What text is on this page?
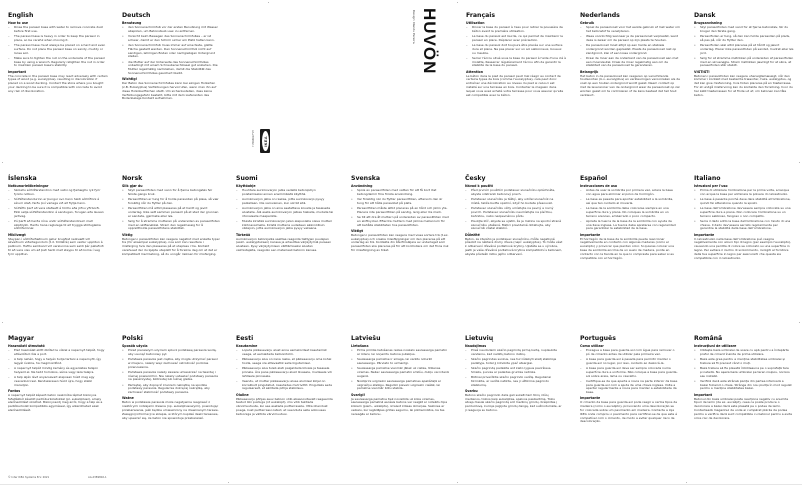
English
How to use
– Rinse the parasol base with water to remove concrete dust before first use.
– The parasol base is heavy in order to keep the parasol in place, so be careful when moving it.
– The parasol base must always be placed on a hard and even surface. Do not place the parasol base on sandy, muddy or loose soil.
– Make sure to tighten the nut on the underside of the parasol base by using a wrench. Regularly retighten the nut in order to maintain parasol base's stability.
Important

The concrete in the parasol base may react adversely with certain types of wood (e.g. eucalyptus), resulting in discoloration if placed on a wood decking. Contact the store where you bought your decking to be sure it is compatible with concrete to avoid any risk of discoloration.

Deutsch
Benutzung
• den Sonnenschirmfuß vor der ersten Benutzung mit Wasser abspülen, um Betonstaub usw. zu entfernen.
• Vorsicht beim Bewegen des Sonnenschirmfußes – er ist schwer, damit er den Schirm sicher am Platz halten kann.
• den Sonnenschirmfuß muss immer auf eine feste, glatte Fläche gestellt werden. Den Sonnenschirmfuß nicht auf sandigen, lehmigen Boden oder nachgiebigen Untergrund stellen.
• die Mutter auf der Unterseite des Sonnenschirmfußes unbedingt mit einem Schraubenschlüssel gut anziehen. Die Mutter regelmäßig nachziehen, damit die Stabilität des Sonnenschirmfußes gesichert bleibt.
Wichtig!

Der Beton des Sonnenschirmfußes kann bei einigen Holzarten (z.B. Eukalyptus) Verfärbungen hervorrufen, wenn man ihn auf diese Holzoberflächen stellt. Um sicherzustellen, dass keine Verfärbungsgefahr besteht, bitte mit dem Lieferanten des Bodenbelags Kontakt aufnehmen.

AA-2389802-1 IKEA
Design: Nandu Pereira HUVÖN	Français
Utilisation
– Rincer la base du parasol à l'eau pour retirer la poussière de béton avant la première utilisation.
– La base du parasol est lourde, ce qui permet de maintenir le parasol en place. Déplacer avec précaution.
– La base du parasol doit toujours être placée sur une surface dure et plane. Ne pas placer sur un sol sablonneux, boueux ou meuble.
– Serrer l'écrou situé sous la base du parasol à l'aide d'une clé à molette. Resserrer régulièrement l'écrou afin de garantir la stabilité de la base du parasol.
Attention

Le béton dans le pied de parasol peut mal réagir au contact de certains types de bois (comme l'eucalyptus), cela peut donc entraîner une décoloration au niveau du pied si celui-ci est installé sur une terrasse en bois. Contacter le magasin dans lequel vous avez acheté votre terrasse pour vous assurer qu'elle est compatible avec le béton.

Nederlands
Gebruik
– Spoel de parasolvoet voor het eerste gebruik af met water om het betonstof te verwijderen.
– Wees voorzichtig wanneer je de parasolvoet verplaatst, want deze is zwaar om de parasol op zijn plaats te houden.
– De parasolvoet moet altijd op een harde en stabiele ondergrond worden geplaatst. Plaats de parasolvoet niet op zandgrond, klei of een losse ondergrond.
– Draai de moer aan de onderkant van de parasolvoet aan met een moersleutel. Draai de moer regelmatig aan om de stabiliteit van de parasolvoet te garanderen.
Belangrijk

Het beton in de parasolvoet kan reageren op verschillende houtsoorten (b.v. eucalyptus) en verkleuringen veroorzaken als de voet op een houten ondergrond wordt gezet. Neem contact op met de leverancier van de ondergrond waar de parasolvoet op zal worden gezet om te controleren of de kans bestaat dat het hout verkleurt.

Dansk
Brugsanvisning
• Skyl parasolfoden med vand for at fjerne betonstøv, før du bruger den første gang.
• Parasolfoden er tung, så den kan holde parasollen på plads, så pas på, når du flytter den.
• Parasolfoden skal altid placeres på et hårdt og jævnt underlag. Placer ikke parasolfoden på sandet, mudret eller løs jord.
• Sørg for at stramme møtrikken på undersiden af parasolfoden med en skruenøgle. Stram møtrikken jævnligt for at sikre, at parasolfoden står stabilt.
VIGTIGT!

Betonen i parasolfoden kan reagere uhensigtsmæssigt, når den kommer i kontakt med bestemte træsorter, f.eks. eukalyptus, og det kan give misfarvning, hvis foden placeres på en træterrasse. For at undgå misfarvning kan du kontakte den forretning, hvor du har købt træterrassen for at finde ud af, om betonen kan tåle beton.

Íslenska
Notkunarleiðbeiningar
– Skolaðu sólhlífarstandinn með vatni og fjarlægðu ryk fyrir fyrstu notkun.
– Sólhlífarstandurinn er þungur svo hann haldi sólhlífinni á sínum stað, farðu því varlega við að flytja hann.
– Sólhlífin þarf að vera staðsett á hörðu eða jöfnu yfirborði. Ekki setja sólhlífarstandinn á sandugan, forugan eða lausan jarðveg.
– Þú þarft að herða róna undir sólhlífarstandinum með skiptilykli. Herðu hana reglulega til að tryggja stöðugleika sólhlífarinnar.
Mikilvægt

Steypan í sólhlífarfætinum getur brugðist neikvætt við ákveðnum viðartegundum (t.d. tröllatré) sem veldur upplitun á pallinum. Hafðu samband við verslunina sem seldi þér pallefnið til að vera viss um að það henti með steypu til að koma í veg fyrir upplitun.

Norsk
Slik gjør du
• Skyll parasollfoten med vann for å fjerne betongstøv før første gangs bruk.
• Parasollfoten er tung for å holde parasollen på plass, så vær forsiktig når du flytter på den.
• Parasollfoten må alltid plasseres på et hardt og jevnt underlag. Ikke sett sammen parasoll på et sted der grunnen er sandete, gjørmete eller løs.
• Sørg for å stramme mutteren på undersiden av parasollfoten med en skiftenøkkel. Stram den regelmessig for å opprettholde parasollfotens stabilitet.
Viktig

Betongen i parasollfoten kan reagere negativt med enkelte typer tre (for eksempel eukalyptus), noe som kan resultere i misfarging hvis den plasseres på et uteplass i tre. Kontakt varehuset der du kjøpte uteplatt for å forsikre deg om at det er kompatibelt med betong, så du unngår risikoen for misfarging.

Suomi
Käyttöohje
– Huuhtele aurinkovarjon jalka vedellä betonipölyn poistamiseksi ennen ensimmäistä käyttöä.
– Aurinkovarjon jalka on raskas, jotta aurinkovarjo pysyy paikallaan. Ole varovainen, kun siirrät sitä.
– Aurinkovarjon jalka on aina asetettava kovalle ja tasaiselle alustalle. Älä aseta aurinkovarjon jalkaa hiekalle, mudalle tai irtonaiselle maaperälle.
– Muista kiristää aurinkovarjon jalan alapuolella oleva mutteri kiintoavaimella. Kiristä mutteria uudelleen säännöllisin väliajoin, jotta aurinkovarjon jalka pysyy vakaana.
Tärkeää

Aurinkovarjon betonijalka saattaa reagoida tiettyjen puulajien (esim. eukalyptuksen) kanssa ja aiheuttaa värjäytymiä puiseen alustaan. Kysy värjäytymisen välttämiseksi alustan valmistajalta, reagoiko sen materiaali betonin kanssa.

Svenska
Användning
• Spola av parasollfoten med vatten för att få bort löst betongdamm före första användning.
• Var försiktig när du flyttar parasollfoten, eftersom den är tung för att hålla parasollet på plats.
• Parasollfoten måste alltid placeras på en hård och jämn yta. Placera inte parasollfoten på sandig, lerig eller lös mark.
• Se till att dra åt muttern på undersidan av parasollfoten med en skiftnyckel. Efterdra muttern med jämna mellanrum för att behålla stabiliteten hos parasollfoten.
Viktigt

Betongen i parasollfoten kan reagera med vissa sorters trä (t.ex. eukalyptus) och orsaka missfärgningar om den placeras på ett underlag av trä. Kontakta din återförsäljare av underlaget som parasollfoten ska placeras på för att kontrollera om det finns risk för missfärgning av träet.

Česky
Návod k použití
– Před prvním použitím podstavec slunečníku opláchněte, abyste odstranili betonový prach.
– Podstavec slunečníku je těžký, aby udržel slunečník na místě, takže buďte opatrní, když ho budete přesouvat.
– Podstavec slunečníku vždy umísťujte na pevný a rovný povrch. Podstavec slunečníku neumísťujte na písčitou, bahnitou, nebo nezpevněnou půdu.
– Pouzijte klíč, abyste se ujistili, že je matice na spodní straně slunečníku utažená. Matici pravidelně dotahujte, aby slunečník zůstal stabilní.
Důležité

Beton, ze kterého je podstavec slunečníku, může negativně působit na některé druhy dřeva (např. eukalyptus). To může vést k odbarvení dřevěné podlahové krytiny. Ujistěte se u výrobce, jestli je vaše dřevěná podlahová krytina kompatibilní s betonem, abyste předešli riziku jejího odbarvení.

Español
Instrucciones de uso
– Antes de usar la sombrilla por primera vez, aclara la base con agua para eliminar el polvo de hormigón.
– La base es pesada para aportar estabilidad a la sombrilla, así que ten cuidado al moverla.
– La base de la sombrilla debe colocarse siempre en una superficie dura y plana. No coloques la sombrilla en un terreno arenoso, embarrado o poco compacto.
– Aprieta la tuerca de la base de la sombrilla con ayuda de una llave inglesa. La tuerca debe apretarse con regularidad para garantizar la estabilidad de la base.
Importante

El hormigón de la base de la sombrilla puede reaccionar negativamente en contacto con algunas maderas (como el eucalipto) y provocar que pierdan color. Si quieres colocar una base de sombrilla encima de un suelo de madera, ponte en contacto con la tienda en la que lo compraste para saber si es compatible con el hormigón.

Italiano
Istruzioni per l'uso
• Prima di utilizzare l'ombrellone per la prima volta, sciacqua con acqua la base per eliminare la polvere di calcestruzzo.
• La base è pesante poiché deve dare stabilità all'ombrellone, quindi fai attenzione quando la sposti.
• La base dell'ombrellone dev'essere sempre collocata su una superficie dura e piana. Non collocare l'ombrellone su un terreno sabbioso, fangoso o non compatto.
• Serra il dado sotto la base dell'ombrellone con l'aiuto di una chiave. Il dado dev'essere serrato regolarmente per garantire la stabilità della base dell'ombrellone.
Importante

Il calcestruzzo nella base dell'ombrellone può reagire negativamente con alcuni tipi di legno (per esempio l'eucalipto), causando una perdita di colore se collocato su una superficie in legno. Per evitare il rischio di scolorimento, rivolgiti al fornitore della tua superficie in legno per assicurarti che questa sia compatibile con il calcestruzzo.

Magyar
Használati útmutató
– Első használat előtt öblítsd le vízzel a napernyő talpát, hogy eltávolítsd róla a port.
– A talp nehéz, hogy a helyén tudja tartani a napernyőt, így legyél óvatos, ha megmozdítod.
– A napernyő talpát mindig kemény és egyenletes talajon helyezd el. Ne tedd homokos, sáros vagy laza talajra.
– A talp alján lévő anyacsavart alaposan húzd meg egy csavarkulccsal. Rendszeresen húzd újra, hogy stabil maradjon.
Fontos

A napernyő talpát képező beton reakcióba léphet bizonyos fafajtákból készült padlóburkolatokkal (pl. eukaliptusz), amely elszíneződést okozhat. Bizonyosodj meg arról, hogy a talp és a padlóburkolat kompatibilis egymással, így elkerülheted ezek elszíneződését.

Polski
Sposób użycia
• Przed pierwszym użyciem spłucz podstawę parasola wodą, aby usunąć betonowy pył.
• Podstawa parasola jest ciężka, aby mogła utrzymać parasol w miejscu, należy więc zachować ostrożność podczas przenoszenia.
• Podstawa parasola należy zawsze umieszczać na twardej i równej powierzchni. Nie należy ustawiać podstawy parasola na piaszczystej, błotnistej lub luźnej glebie.
• Pamiętaj, aby dopręcić kluczem nakrętkę na spodzie podstawy parasola. Regularnie dokręcaj nakrętkę, aby zachować stabilność podstawy parasola.
Ważne

Beton w podstawie parasola może negatywnie reagować z niektórymi rodzajami drewna (np. eukaliptusowymi), powodując przebarwienia, jeśli będzie umieszczony na drewnianym tarasie. Zasięgnij informacji w sklepie, w którym kupiłeś deski tarasowe, aby upewnić się, że beton nie spowoduje przebarwień.

Eesti
Kasutamine
– Loputa päikesevarju alust enne esmakordset kasutamist veega, et eemaldada betoonitolm.
– Päikesevarju alus on üsna raske, et päikesevarju oma kohal hoida, seega ole ettevaatlik selle liigutamisel.
– Päikesevarju alus tuleb alati paigaldada kõvale ja tasasele pinnale. Ära pane päikesevarju alust liivasele, mudasele või lahtisele pinnasele.
– Veendu, et mutter päikesevarju aluse alumisel küljel on korralikult pingutatud, kasutades mutrivõtit. Pingutaks seda regulaarselt, et säilitada põhja stabiilsus.
Oluline

Päikesevarju põhjas asuv betoon võib ebasoovitavalt reageerida teatud liiki puiduga (nt eukalüpt), mis võib tekitada värvimuutuste, kui see asetada puitterrassile. Võta ühendust poega, kust puitterrassi ostsid, et veenduda selle sobivuses betooniga ja vältida värvimuutusi.

Latviešu
Lietošana
• Pirms pirmās lietošanas reizes noskalo saulessarga pamatni ar ūdeni, lai noņemtu betona putekļus.
• Saulessarga pamatne ir smaga, lai varētu noturēt saulessargu. Pārvieto to uzmanīgi.
• Saulessarga pamatne vienmēr jāliek uz cietas, līdzenas virsmas. Nelieс saulessarga pamatni smilšu, dubļu vai irdenā augsnē.
• Nostiprini uzgriezni saulessarga pamatnes apakšdaļā ar uzgriežņu atslēgu. Regulāri pievelc uzgriezni ciešāk, lai pamatne vienmēr būtu stabila.
Svarīgi!

Ja saulessarga pamatne tiek novietota uz koka virsmas, saulessarga pamatnē esošais betons var reaģēt ar noteiktu tipa kokiem (piem., eikaliptu), izraisot krāsas izmaiņas. Sazinies ar veikalu, kur iegādājies grīdas segumu, lai pārliecinātos, ka tas nereaģēs ar betonu.

Lietuvių
Naudojimas
– Prieš naudodami skėčio pagrindą pirmą kartą, nuplaukite vandeniu, kad neliktų betono dulkių.
– Skėčio pagrindas sunkus, nes turi išlaikyti skėtį stabilioje padėtyje, todėl jį kilnokite ypač atsargiai.
– Skėčio pagrindą padėkite ant kieto lygaus paviršiaus. Smėlis, purvas ar palaidas gruntas netinka.
– Būtinai priveržkite skėčio pagrindo veržlę. Reguliariai tikrinkite, ar veržlė netikta, nes ji užtikrina pagrindo stabilumą.
Svarbu

Betono skėčio pagrindo dalis gali sukelti tam tikrų rūšių medienos, tokios kaip eukaliptas, spalvos pasikeitimą. Tokiu atveju tiesiai skėčio pagrindą ant medinių grindų. Kreipkitės į parduotuvę, kurioje įsigijote grindų dangą, kad sužinotumėte, ar ji reaguoja su betonu.

Português
Como utilizar
– Enxague a base para guarda-sol com água para remover o pó de cimento antes de utilizar pela primeira vez.
– A base para guarda-sol é pesada para permitir manter o guarda-sol no lugar, por isso, cuidado ao deslocá-la.
– A base para guarda-sol deve ser sempre colocada numa superfície dura e uniforme. Não coloque a base para guarda-sol sobre areia, lama ou cascalho.
– Certifique-se de que aperta a rosca na parte inferior da base para guarda-sol com a ajuda de uma chave inglesa. Volte a apertar regularmente a rosca para manter a estabilidade da base.
Importante

O cimento da base para guarda-sol pode reagir a certos tipos de madeira (como o eucalipto), provocando uma descoloração se for colocada sobre um pavimento em madeira. Contacte a loja IKEA onde comprou o pavimento para certificar-se de que este é compatível com o cimento, de modo a evitar qualquer risco de descoloração.

Română
Instrucțiuni de utilizare
• Clătește baza umbrelei de soare cu apă pentru a îndepărta praful de ciment înainte de prima utilizare.
• Baza este grea pentru a menține stabilitatea umbrelei și trebuie să fii precaut când o muți.
• Baza trebuie să fie plasată întotdeauna pe o suprafață tare și netedă. Nu așeza baza umbrelei pe teren nisipos, noroios sau instabil.
• Verifică dacă este strânsă piulița din partea inferioară a bazei folosind o cheie. Strânge din nou piulița în mod regulat pentru a menține stabilitatea bazei.
Important

Betonul din baza umbrelei poate reacționa negativ cu anumite tipuri de lemn (de ex. eucalipt), ceea ce poate produce o decolorare a bazei dacă este plasată pe o podea de lemn. Contactează magazinul de unde ai cumpărat plăcile de podea pentru a verifica dacă sunt compatibile cu betonul pentru a evita orice risc de decolorare.

© Inter IKEA Systems B.V. 2021	AA-2389802-1
